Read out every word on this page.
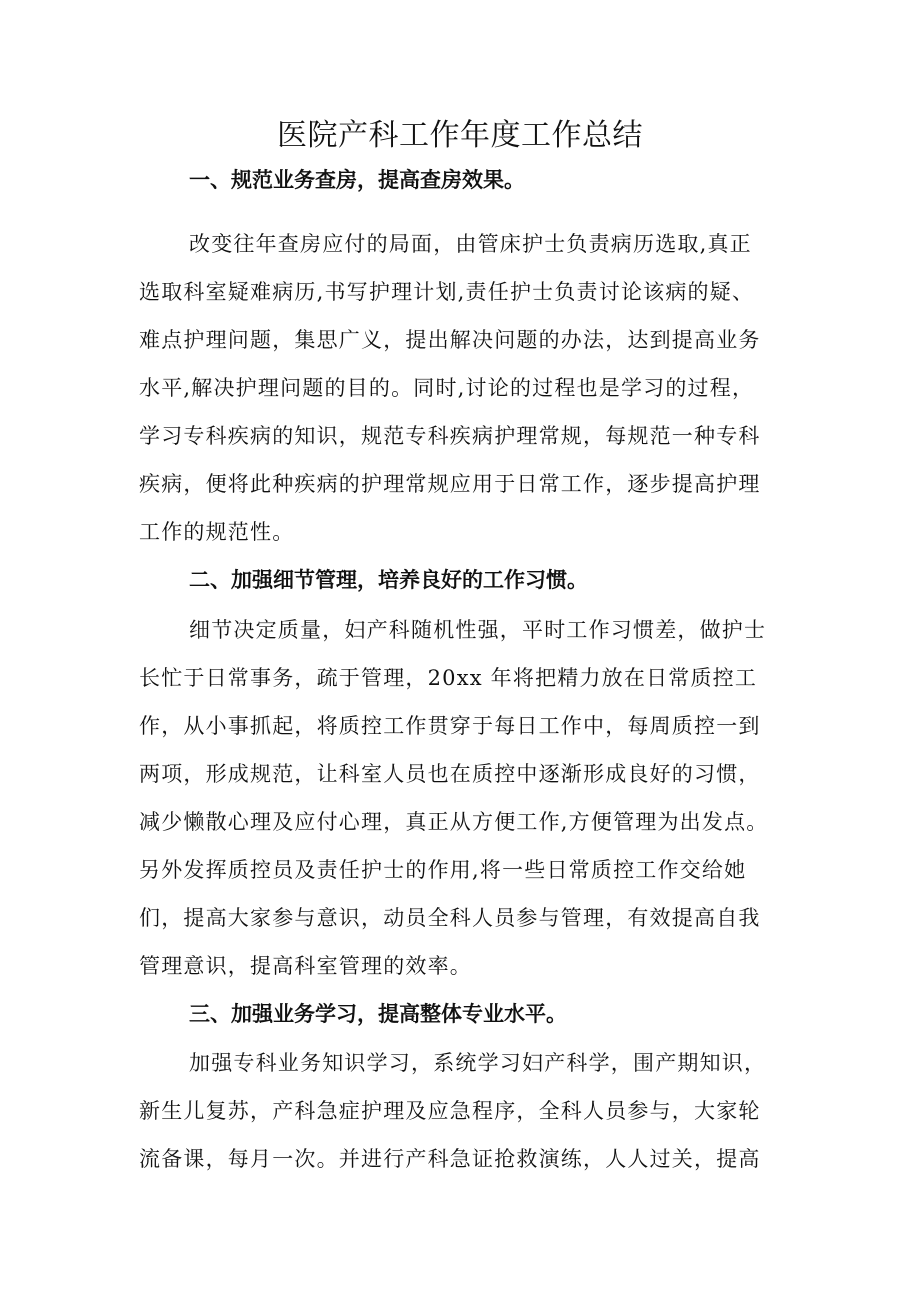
医院产科工作年度工作总结
一、规范业务查房，提高查房效果。
改变往年查房应付的局面，由管床护士负责病历选取,真正
选取科室疑难病历,书写护理计划,责任护士负责讨论该病的疑、
难点护理问题，集思广义，提出解决问题的办法，达到提高业务
水平,解决护理问题的目的。同时,讨论的过程也是学习的过程，
学习专科疾病的知识，规范专科疾病护理常规，每规范一种专科
疾病，便将此种疾病的护理常规应用于日常工作，逐步提高护理
工作的规范性。
二、加强细节管理，培养良好的工作习惯。
细节决定质量，妇产科随机性强，平时工作习惯差，做护士
长忙于日常事务，疏于管理，20xx 年将把精力放在日常质控工
作，从小事抓起，将质控工作贯穿于每日工作中，每周质控一到
两项，形成规范，让科室人员也在质控中逐渐形成良好的习惯，
减少懒散心理及应付心理，真正从方便工作,方便管理为出发点。
另外发挥质控员及责任护士的作用,将一些日常质控工作交给她
们，提高大家参与意识，动员全科人员参与管理，有效提高自我
管理意识，提高科室管理的效率。
三、加强业务学习，提高整体专业水平。
加强专科业务知识学习，系统学习妇产科学，围产期知识，
新生儿复苏，产科急症护理及应急程序，全科人员参与，大家轮
流备课，每月一次。并进行产科急证抢救演练，人人过关，提高
